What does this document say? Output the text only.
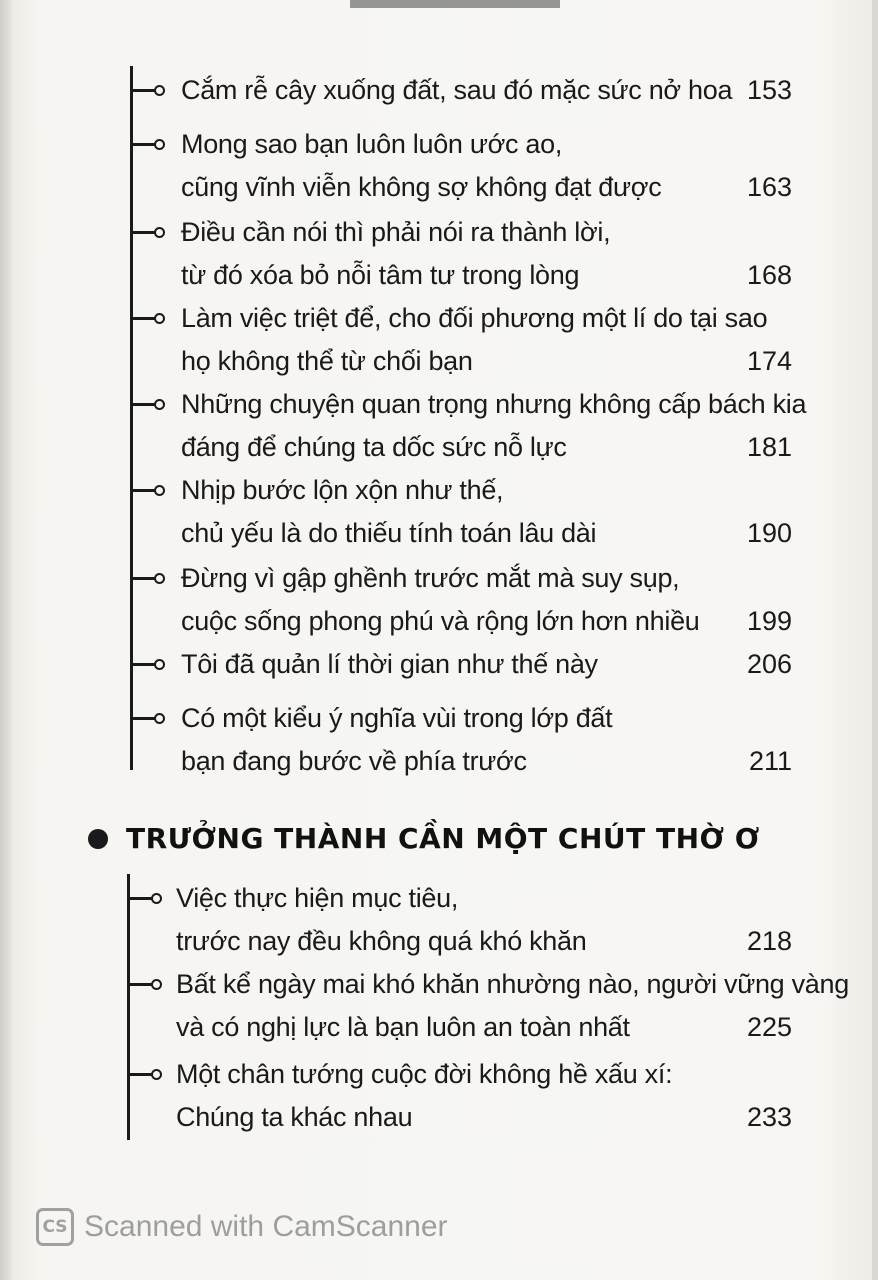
Cắm rễ cây xuống đất, sau đó mặc sức nở hoa 153
Mong sao bạn luôn luôn ước ao,
cũng vĩnh viễn không sợ không đạt được	163
Điều cần nói thì phải nói ra thành lời,
từ đó xóa bỏ nỗi tâm tư trong lòng	168
Làm việc triệt để, cho đối phương một lí do tại sao
họ không thể từ chối bạn	174
Những chuyện quan trọng nhưng không cấp bách kia
đáng để chúng ta dốc sức nỗ lực	181
Nhịp bước lộn xộn như thế,
chủ yếu là do thiếu tính toán lâu dài	190
Đừng vì gập ghềnh trước mắt mà suy sụp,
cuộc sống phong phú và rộng lớn hơn nhiều	199
Tôi đã quản lí thời gian như thế này	206
Có một kiểu ý nghĩa vùi trong lớp đất
bạn đang bước về phía trước	211
TRƯỞNG THÀNH CẦN MỘT CHÚT THỜ Ơ
Việc thực hiện mục tiêu,
trước nay đều không quá khó khăn	218
Bất kể ngày mai khó khăn nhường nào, người vững vàng
và có nghị lực là bạn luôn an toàn nhất	225
Một chân tướng cuộc đời không hề xấu xí:
Chúng ta khác nhau	233
CS Scanned with CamScanner
